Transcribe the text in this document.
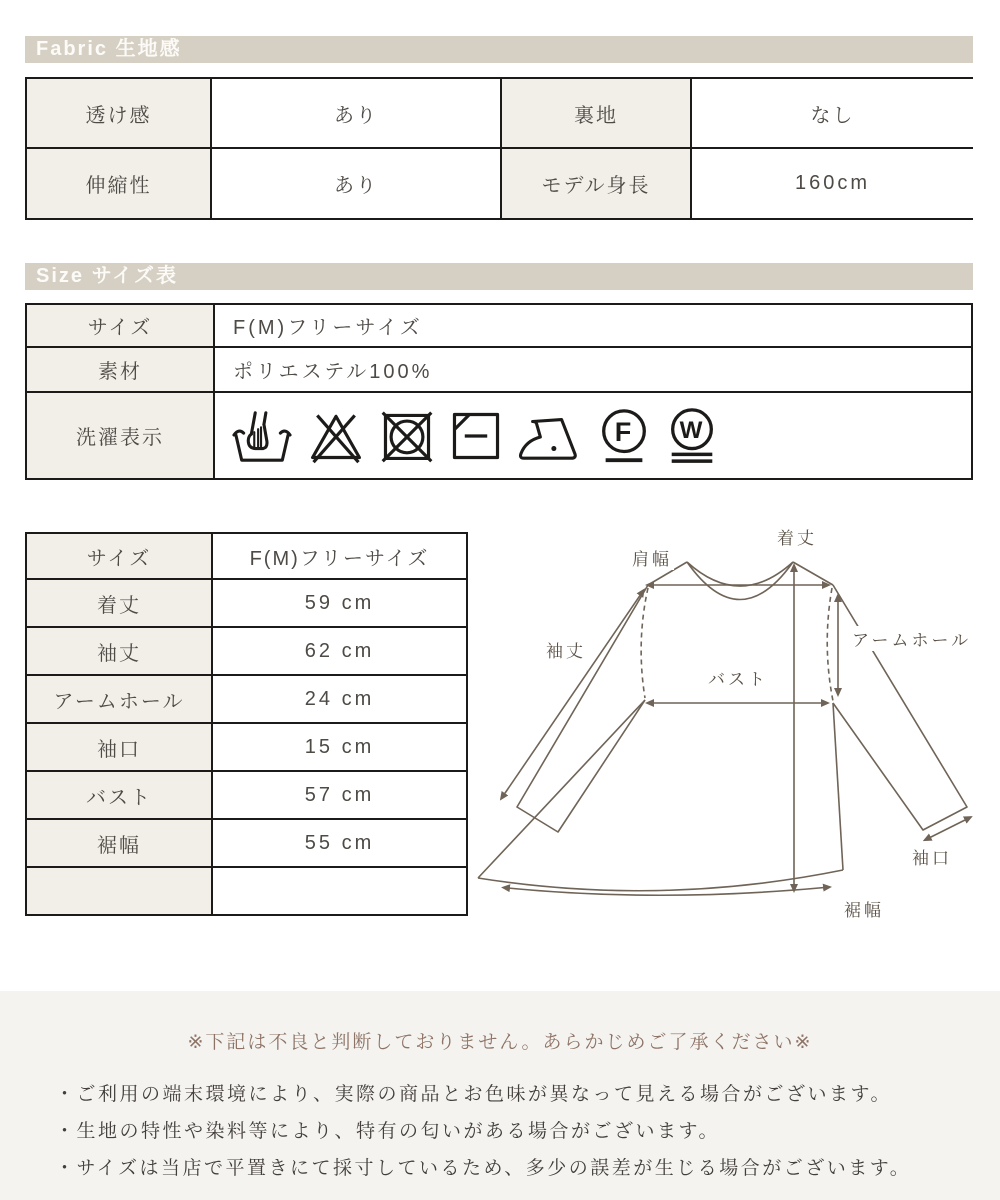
Fabric 生地感
透け感	あり	裏地	なし
伸縮性	あり	モデル身長	160cm
Size サイズ表
サイズ	F(M)フリーサイズ
素材	ポリエステル100%
洗濯表示	F W
サイズ	F(M)フリーサイズ
着丈	59 cm
袖丈	62 cm
アームホール	24 cm
袖口	15 cm
バスト	57 cm
裾幅	55 cm
肩幅
着丈
袖丈
アームホール
バスト
袖口
裾幅
※下記は不良と判断しておりません。あらかじめご了承ください※
・ご利用の端末環境により、実際の商品とお色味が異なって見える場合がございます。
・生地の特性や染料等により、特有の匂いがある場合がございます。
・サイズは当店で平置きにて採寸しているため、多少の誤差が生じる場合がございます。
